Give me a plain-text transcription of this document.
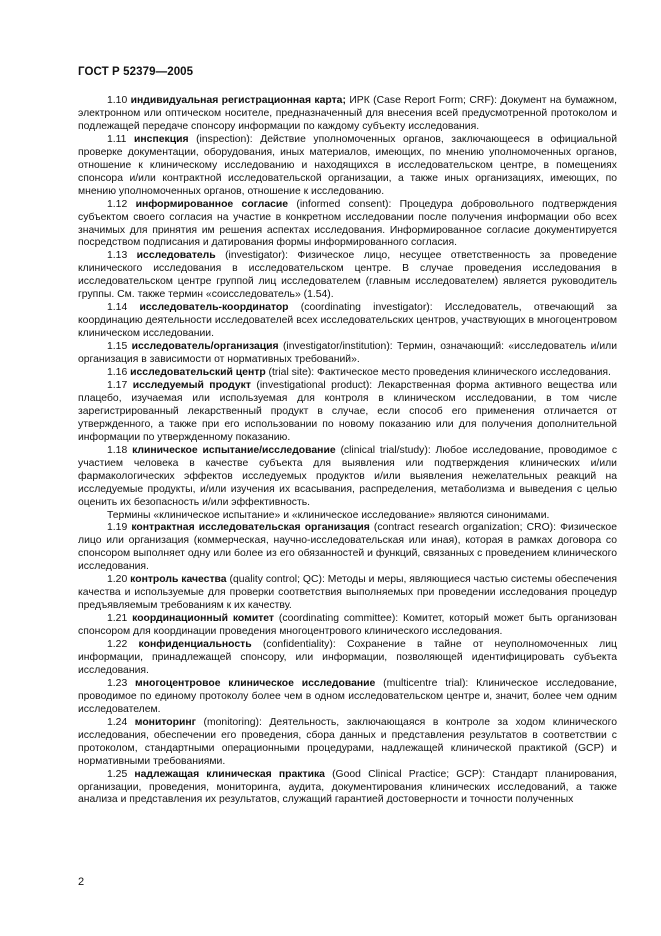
ГОСТ Р 52379—2005

1.10 индивидуальная регистрационная карта; ИРК (Case Report Form; CRF): Документ на бумажном, электронном или оптическом носителе, предназначенный для внесения всей предусмотренной протоколом и подлежащей передаче спонсору информации по каждому субъекту исследования.

1.11 инспекция (inspection): Действие уполномоченных органов, заключающееся в официальной проверке документации, оборудования, иных материалов, имеющих, по мнению уполномоченных органов, отношение к клиническому исследованию и находящихся в исследовательском центре, в помещениях спонсора и/или контрактной исследовательской организации, а также иных организациях, имеющих, по мнению уполномоченных органов, отношение к исследованию.

1.12 информированное согласие (informed consent): Процедура добровольного подтверждения субъектом своего согласия на участие в конкретном исследовании после получения информации обо всех значимых для принятия им решения аспектах исследования. Информированное согласие документируется посредством подписания и датирования формы информированного согласия.

1.13 исследователь (investigator): Физическое лицо, несущее ответственность за проведение клинического исследования в исследовательском центре. В случае проведения исследования в исследовательском центре группой лиц исследователем (главным исследователем) является руководитель группы. См. также термин «соисследователь» (1.54).

1.14 исследователь-координатор (coordinating investigator): Исследователь, отвечающий за координацию деятельности исследователей всех исследовательских центров, участвующих в многоцентровом клиническом исследовании.

1.15 исследователь/организация (investigator/institution): Термин, означающий: «исследователь и/или организация в зависимости от нормативных требований».

1.16 исследовательский центр (trial site): Фактическое место проведения клинического исследования.

1.17 исследуемый продукт (investigational product): Лекарственная форма активного вещества или плацебо, изучаемая или используемая для контроля в клиническом исследовании, в том числе зарегистрированный лекарственный продукт в случае, если способ его применения отличается от утвержденного, а также при его использовании по новому показанию или для получения дополнительной информации по утвержденному показанию.

1.18 клиническое испытание/исследование (clinical trial/study): Любое исследование, проводимое с участием человека в качестве субъекта для выявления или подтверждения клинических и/или фармакологических эффектов исследуемых продуктов и/или выявления нежелательных реакций на исследуемые продукты, и/или изучения их всасывания, распределения, метаболизма и выведения с целью оценить их безопасность и/или эффективность.

Термины «клиническое испытание» и «клиническое исследование» являются синонимами.

1.19 контрактная исследовательская организация (contract research organization; CRO): Физическое лицо или организация (коммерческая, научно-исследовательская или иная), которая в рамках договора со спонсором выполняет одну или более из его обязанностей и функций, связанных с проведением клинического исследования.

1.20 контроль качества (quality control; QC): Методы и меры, являющиеся частью системы обеспечения качества и используемые для проверки соответствия выполняемых при проведении исследования процедур предъявляемым требованиям к их качеству.

1.21 координационный комитет (coordinating committee): Комитет, который может быть организован спонсором для координации проведения многоцентрового клинического исследования.

1.22 конфиденциальность (confidentiality): Сохранение в тайне от неуполномоченных лиц информации, принадлежащей спонсору, или информации, позволяющей идентифицировать субъекта исследования.

1.23 многоцентровое клиническое исследование (multicentre trial): Клиническое исследование, проводимое по единому протоколу более чем в одном исследовательском центре и, значит, более чем одним исследователем.

1.24 мониторинг (monitoring): Деятельность, заключающаяся в контроле за ходом клинического исследования, обеспечении его проведения, сбора данных и представления результатов в соответствии с протоколом, стандартными операционными процедурами, надлежащей клинической практикой (GCP) и нормативными требованиями.

1.25 надлежащая клиническая практика (Good Clinical Practice; GCP): Стандарт планирования, организации, проведения, мониторинга, аудита, документирования клинических исследований, а также анализа и представления их результатов, служащий гарантией достоверности и точности полученных

2
